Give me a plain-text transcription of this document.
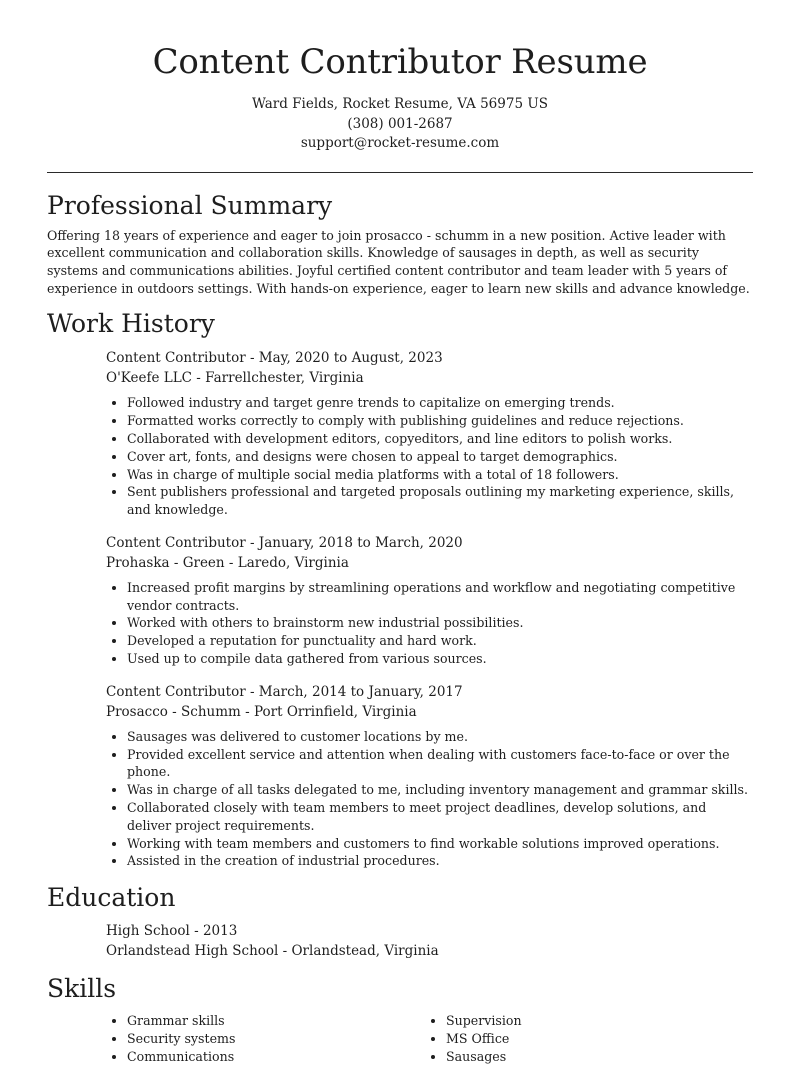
Content Contributor Resume
Ward Fields, Rocket Resume, VA 56975 US
(308) 001-2687
support@rocket-resume.com
Professional Summary

Offering 18 years of experience and eager to join prosacco - schumm in a new position. Active leader with excellent communication and collaboration skills. Knowledge of sausages in depth, as well as security systems and communications abilities. Joyful certified content contributor and team leader with 5 years of experience in outdoors settings. With hands-on experience, eager to learn new skills and advance knowledge.

Work History
Content Contributor - May, 2020 to August, 2023
O'Keefe LLC - Farrellchester, Virginia
• Followed industry and target genre trends to capitalize on emerging trends.
• Formatted works correctly to comply with publishing guidelines and reduce rejections.
• Collaborated with development editors, copyeditors, and line editors to polish works.
• Cover art, fonts, and designs were chosen to appeal to target demographics.
• Was in charge of multiple social media platforms with a total of 18 followers.
• Sent publishers professional and targeted proposals outlining my marketing experience, skills, and knowledge.
Content Contributor - January, 2018 to March, 2020
Prohaska - Green - Laredo, Virginia
• Increased profit margins by streamlining operations and workflow and negotiating competitive vendor contracts.
• Worked with others to brainstorm new industrial possibilities.
• Developed a reputation for punctuality and hard work.
• Used up to compile data gathered from various sources.
Content Contributor - March, 2014 to January, 2017
Prosacco - Schumm - Port Orrinfield, Virginia
• Sausages was delivered to customer locations by me.
• Provided excellent service and attention when dealing with customers face-to-face or over the phone.
• Was in charge of all tasks delegated to me, including inventory management and grammar skills.
• Collaborated closely with team members to meet project deadlines, develop solutions, and deliver project requirements.
• Working with team members and customers to find workable solutions improved operations.
• Assisted in the creation of industrial procedures.
Education
High School - 2013
Orlandstead High School - Orlandstead, Virginia
Skills
• Grammar skills
• Security systems
• Communications
• Supervision
• MS Office
• Sausages
